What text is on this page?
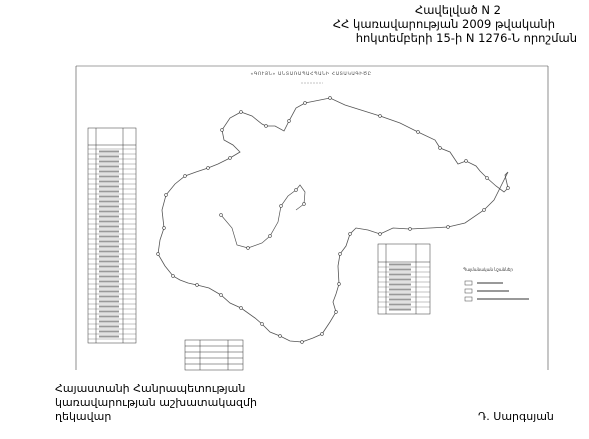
«ԳՈՒՅՆ» ԱՆՏԱՌԱՊԱՀՊԱՆԻ ՀԱՏԱԿԱԳԻԾԸ
Պայմանական նշաններ
Հավելված N 2
ՀՀ կառավարության 2009 թվականի
հոկտեմբերի 15-ի N 1276-Ն որոշման
Հայաստանի Հանրապետության
կառավարության աշխատակազմի
ղեկավար	Դ. Սարգսյան
